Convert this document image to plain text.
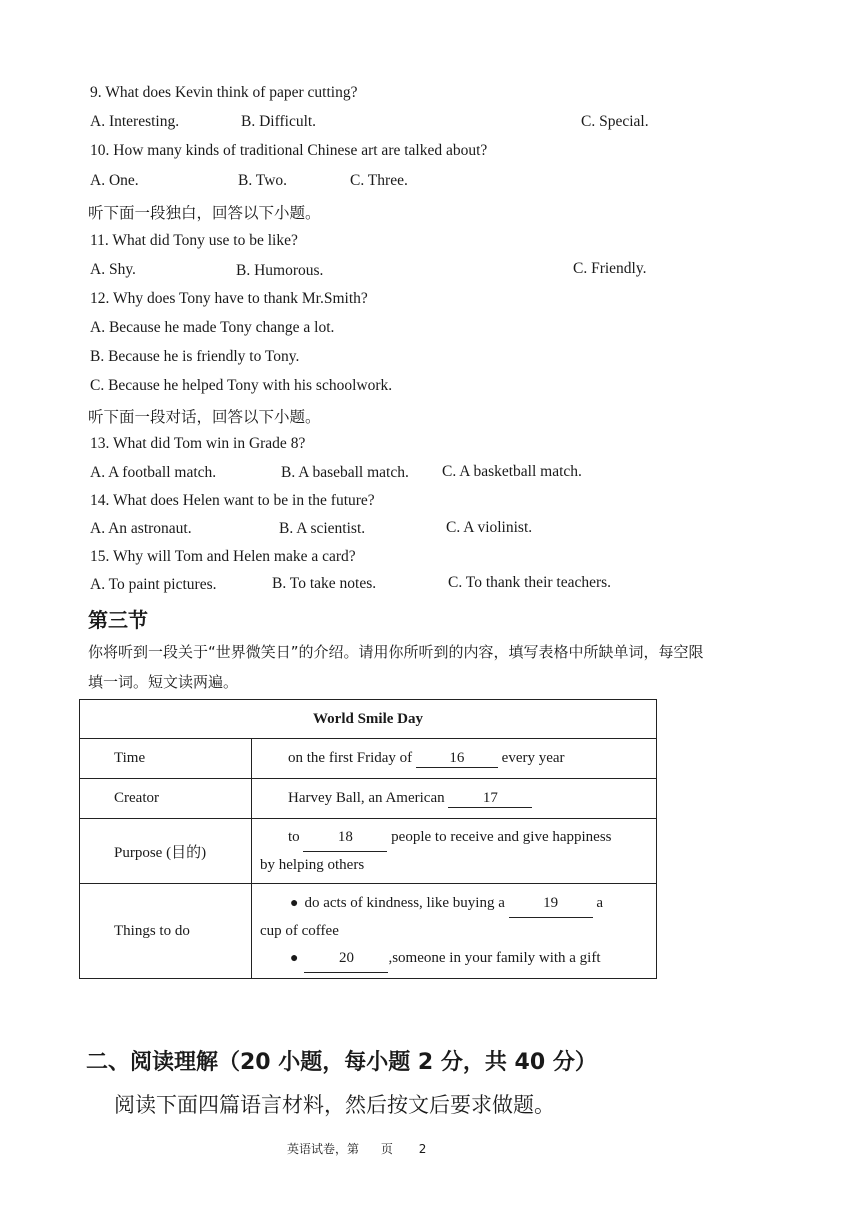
9. What does Kevin think of paper cutting?
A. Interesting.	B. Difficult.	C. Special.
10. How many kinds of traditional Chinese art are talked about?
A. One.	B. Two.	C. Three.
听下面一段独白，回答以下小题。
11. What did Tony use to be like?
A. Shy.	B. Humorous.	C. Friendly.
12. Why does Tony have to thank Mr.Smith?
A. Because he made Tony change a lot.
B. Because he is friendly to Tony.
C. Because he helped Tony with his schoolwork.
听下面一段对话，回答以下小题。
13. What did Tom win in Grade 8?
A. A football match.	B. A baseball match. C. A basketball match.
14. What does Helen want to be in the future?
A. An astronaut.	B. A scientist.	C. A violinist.
15. Why will Tom and Helen make a card?
A. To paint pictures.	B. To take notes.	C. To thank their teachers.
第三节
你将听到一段关于“世界微笑日”的介绍。请用你所听到的内容，填写表格中所缺单词，每空限
填一词。短文读两遍。
World Smile Day	
Time	on the first Friday of 16 every year
Creator	Harvey Ball, an American 17
Purpose (目的)	to 18 people to receive and give happiness
by helping others

Things to do	● do acts of kindness, like buying a 19 a
cup of coffee
● 20 ,someone in your family with a gift
二、阅读理解（20 小题，每小题 2 分，共 40 分）
阅读下面四篇语言材料，然后按文后要求做题。
英语试卷，第 页 2
